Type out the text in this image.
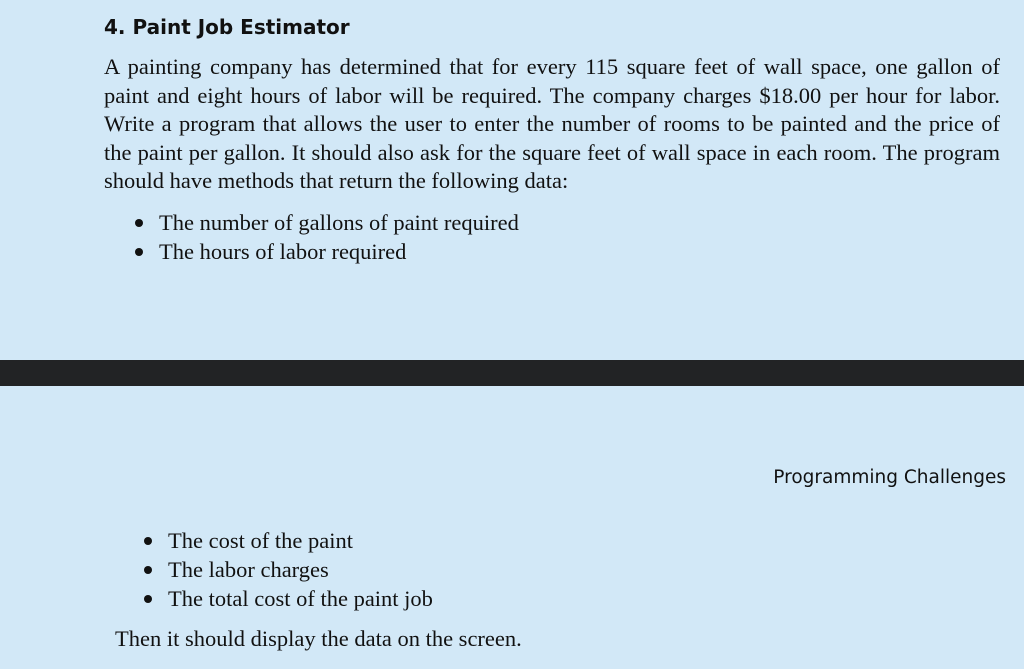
4. Paint Job Estimator

A painting company has determined that for every 115 square feet of wall space, one gallon of paint and eight hours of labor will be required. The company charges $18.00 per hour for labor. Write a program that allows the user to enter the number of rooms to be painted and the price of the paint per gallon. It should also ask for the square feet of wall space in each room. The program should have methods that return the following data:

The number of gallons of paint required
The hours of labor required

Programming Challenges

The cost of the paint
The labor charges
The total cost of the paint job

Then it should display the data on the screen.
